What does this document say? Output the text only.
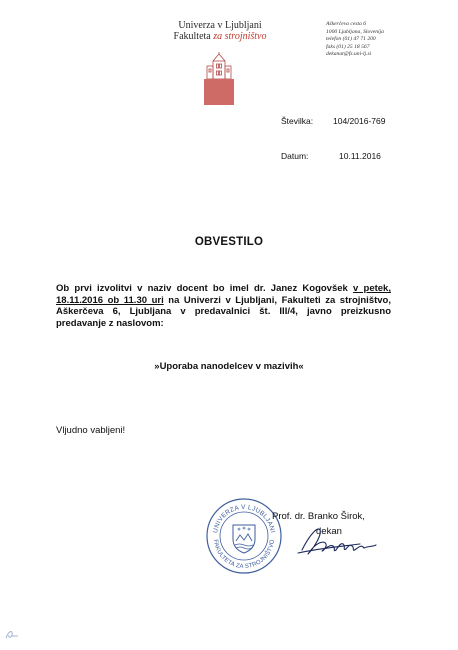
Univerza v Ljubljani
Fakulteta za strojništvo
Aškerčeva cesta 6
1000 Ljubljana, Slovenija
telefon (01) 47 71 200
faks (01) 25 18 567
dekanat@fs.uni-lj.si
Številka: 104/2016-769
Datum:	10.11.2016
OBVESTILO
Ob prvi izvolitvi v naziv docent bo imel dr. Janez Kogovšek v petek, 18.11.2016 ob 11.30 uri na Univerzi v Ljubljani, Fakulteti za strojništvo, Aškerčeva 6, Ljubljana v predavalnici št. III/4, javno preizkusno predavanje z naslovom:
»Uporaba nanodelcev v mazivih«
Vljudno vabljeni!
UNIVERZA V LJUBLJANI
FAKULTETA ZA STROJNIŠTVO
Prof. dr. Branko Širok,
dekan
